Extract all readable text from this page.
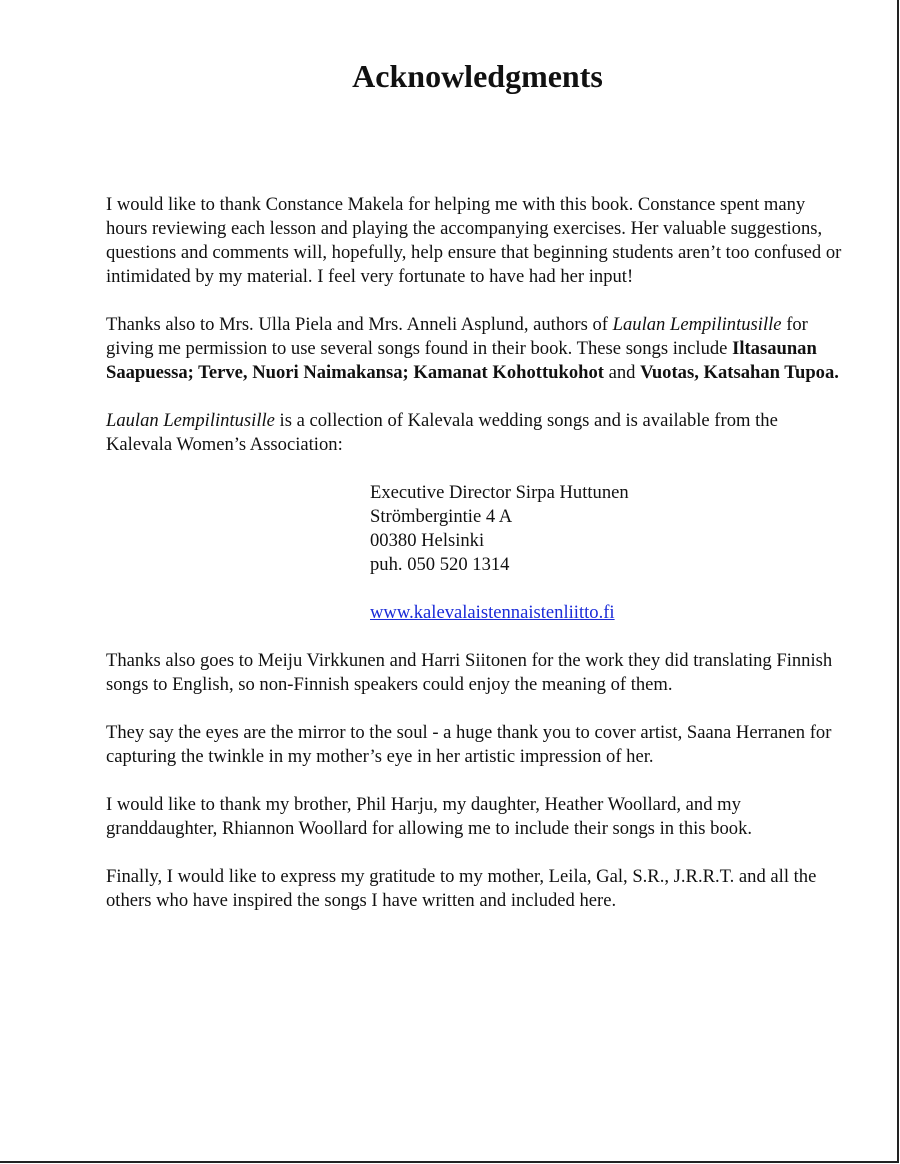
Acknowledgments

I would like to thank Constance Makela for helping me with this book. Constance spent many hours reviewing each lesson and playing the accompanying exercises. Her valuable suggestions, questions and comments will, hopefully, help ensure that beginning students aren’t too confused or intimidated by my material. I feel very fortunate to have had her input!

Thanks also to Mrs. Ulla Piela and Mrs. Anneli Asplund, authors of Laulan Lempilintusille for giving me permission to use several songs found in their book. These songs include Iltasaunan Saapuessa; Terve, Nuori Naimakansa; Kamanat Kohottukohot and Vuotas, Katsahan Tupoa.

Laulan Lempilintusille is a collection of Kalevala wedding songs and is available from the Kalevala Women’s Association:

Executive Director Sirpa Huttunen
Strömbergintie 4 A
00380 Helsinki
puh. 050 520 1314
www.kalevalaistennaistenliitto.fi

Thanks also goes to Meiju Virkkunen and Harri Siitonen for the work they did translating Finnish songs to English, so non-Finnish speakers could enjoy the meaning of them.

They say the eyes are the mirror to the soul - a huge thank you to cover artist, Saana Herranen for capturing the twinkle in my mother’s eye in her artistic impression of her.

I would like to thank my brother, Phil Harju, my daughter, Heather Woollard, and my granddaughter, Rhiannon Woollard for allowing me to include their songs in this book.

Finally, I would like to express my gratitude to my mother, Leila, Gal, S.R., J.R.R.T. and all the others who have inspired the songs I have written and included here.
